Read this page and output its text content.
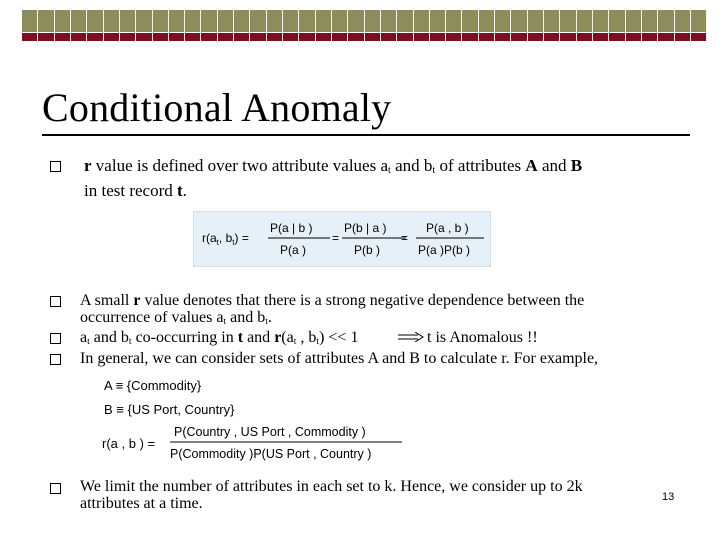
Conditional Anomaly
r value is defined over two attribute values $a_t$ and $b_t$ of attributes A and B
in test record t.
$r(a_t$, $b_t$) =
P(a | b )
P(a )
=
P(b | a )
P(b )
=
P(a , b )
P(a )P(b )
A small r value denotes that there is a strong negative dependence between the
occurrence of values $a_t$ and $b_t$.
$a_t$ and $b_t$ co-occurring in t and $r(a_t$ , $b_t) << 1$	t is Anomalous !!
In general, we can consider sets of attributes A and B to calculate r. For example,
A ≡ {Commodity}
B ≡ {US Port, Country}
r(a , b ) =
P(Country , US Port , Commodity )
P(Commodity )P(US Port , Country )
We limit the number of attributes in each set to k. Hence, we consider up to 2k
attributes at a time.	13
